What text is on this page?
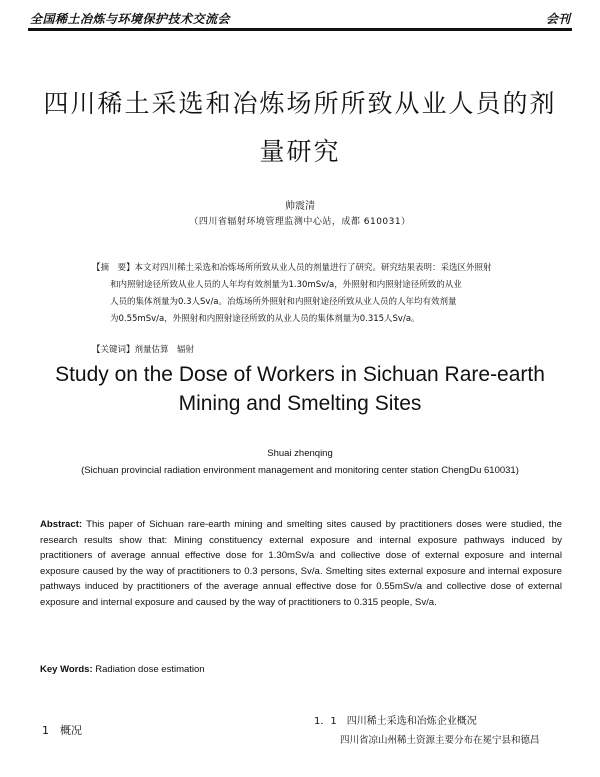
全国稀土冶炼与环境保护技术交流会	会刊
四川稀土采选和冶炼场所所致从业人员的剂
量研究
帅震清
（四川省辐射环境管理监测中心站，成都 610031）
【摘　要】本文对四川稀土采选和冶炼场所所致从业人员的剂量进行了研究。研究结果表明：采选区外照射
和内照射途径所致从业人员的人年均有效剂量为1.30mSv/a，外照射和内照射途径所致的从业
人员的集体剂量为0.3人Sv/a。冶炼场所外照射和内照射途径所致从业人员的人年均有效剂量
为0.55mSv/a，外照射和内照射途径所致的从业人员的集体剂量为0.315人Sv/a。
【关键词】剂量估算　辐射
Study on the Dose of Workers in Sichuan Rare-earth
Mining and Smelting Sites
Shuai zhenqing
(Sichuan provincial radiation environment management and monitoring center station ChengDu 610031)
Abstract: This paper of Sichuan rare-earth mining and smelting sites caused by practitioners doses were studied, the research results show that: Mining constituency external exposure and internal exposure pathways induced by practitioners of average annual effective dose for 1.30mSv/a and collective dose of external exposure and internal exposure caused by the way of practitioners to 0.3 persons, Sv/a. Smelting sites external exposure and internal exposure pathways induced by practitioners of the average annual effective dose for 0.55mSv/a and collective dose of external exposure and internal exposure and caused by the way of practitioners to 0.315 people, Sv/a.
Key Words: Radiation dose estimation
1　概况
1．1　四川稀土采选和冶炼企业概况
四川省凉山州稀土资源主要分布在冕宁县和德昌
